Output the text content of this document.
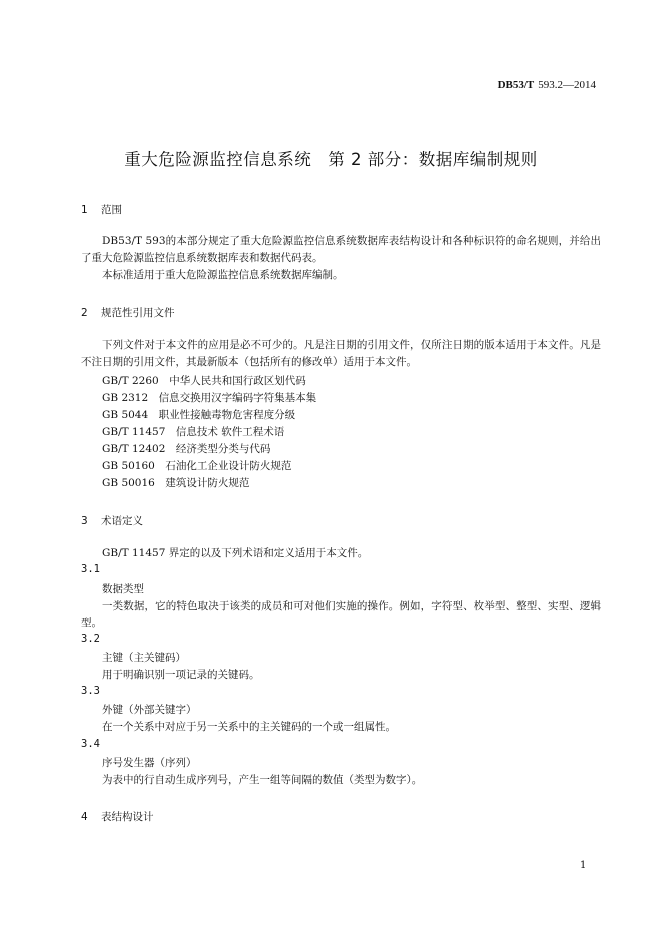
DB53/T 593.2—2014
重大危险源监控信息系统　第 2 部分：数据库编制规则
1 范围
DB53/T 593的本部分规定了重大危险源监控信息系统数据库表结构设计和各种标识符的命名规则，并给出了重大危险源监控信息系统数据库表和数据代码表。
本标准适用于重大危险源监控信息系统数据库编制。
2 规范性引用文件
下列文件对于本文件的应用是必不可少的。凡是注日期的引用文件，仅所注日期的版本适用于本文件。凡是不注日期的引用文件，其最新版本（包括所有的修改单）适用于本文件。
GB/T 2260　中华人民共和国行政区划代码
GB 2312　信息交换用汉字编码字符集基本集
GB 5044　职业性接触毒物危害程度分级
GB/T 11457　信息技术 软件工程术语
GB/T 12402　经济类型分类与代码
GB 50160　石油化工企业设计防火规范
GB 50016　建筑设计防火规范
3 术语定义
GB/T 11457 界定的以及下列术语和定义适用于本文件。
3.1
数据类型
一类数据，它的特色取决于该类的成员和可对他们实施的操作。例如，字符型、枚举型、整型、实型、逻辑型。
3.2
主键（主关键码）
用于明确识别一项记录的关键码。
3.3
外键（外部关键字）
在一个关系中对应于另一关系中的主关键码的一个或一组属性。
3.4
序号发生器（序列）
为表中的行自动生成序列号，产生一组等间隔的数值（类型为数字）。
4 表结构设计
1
